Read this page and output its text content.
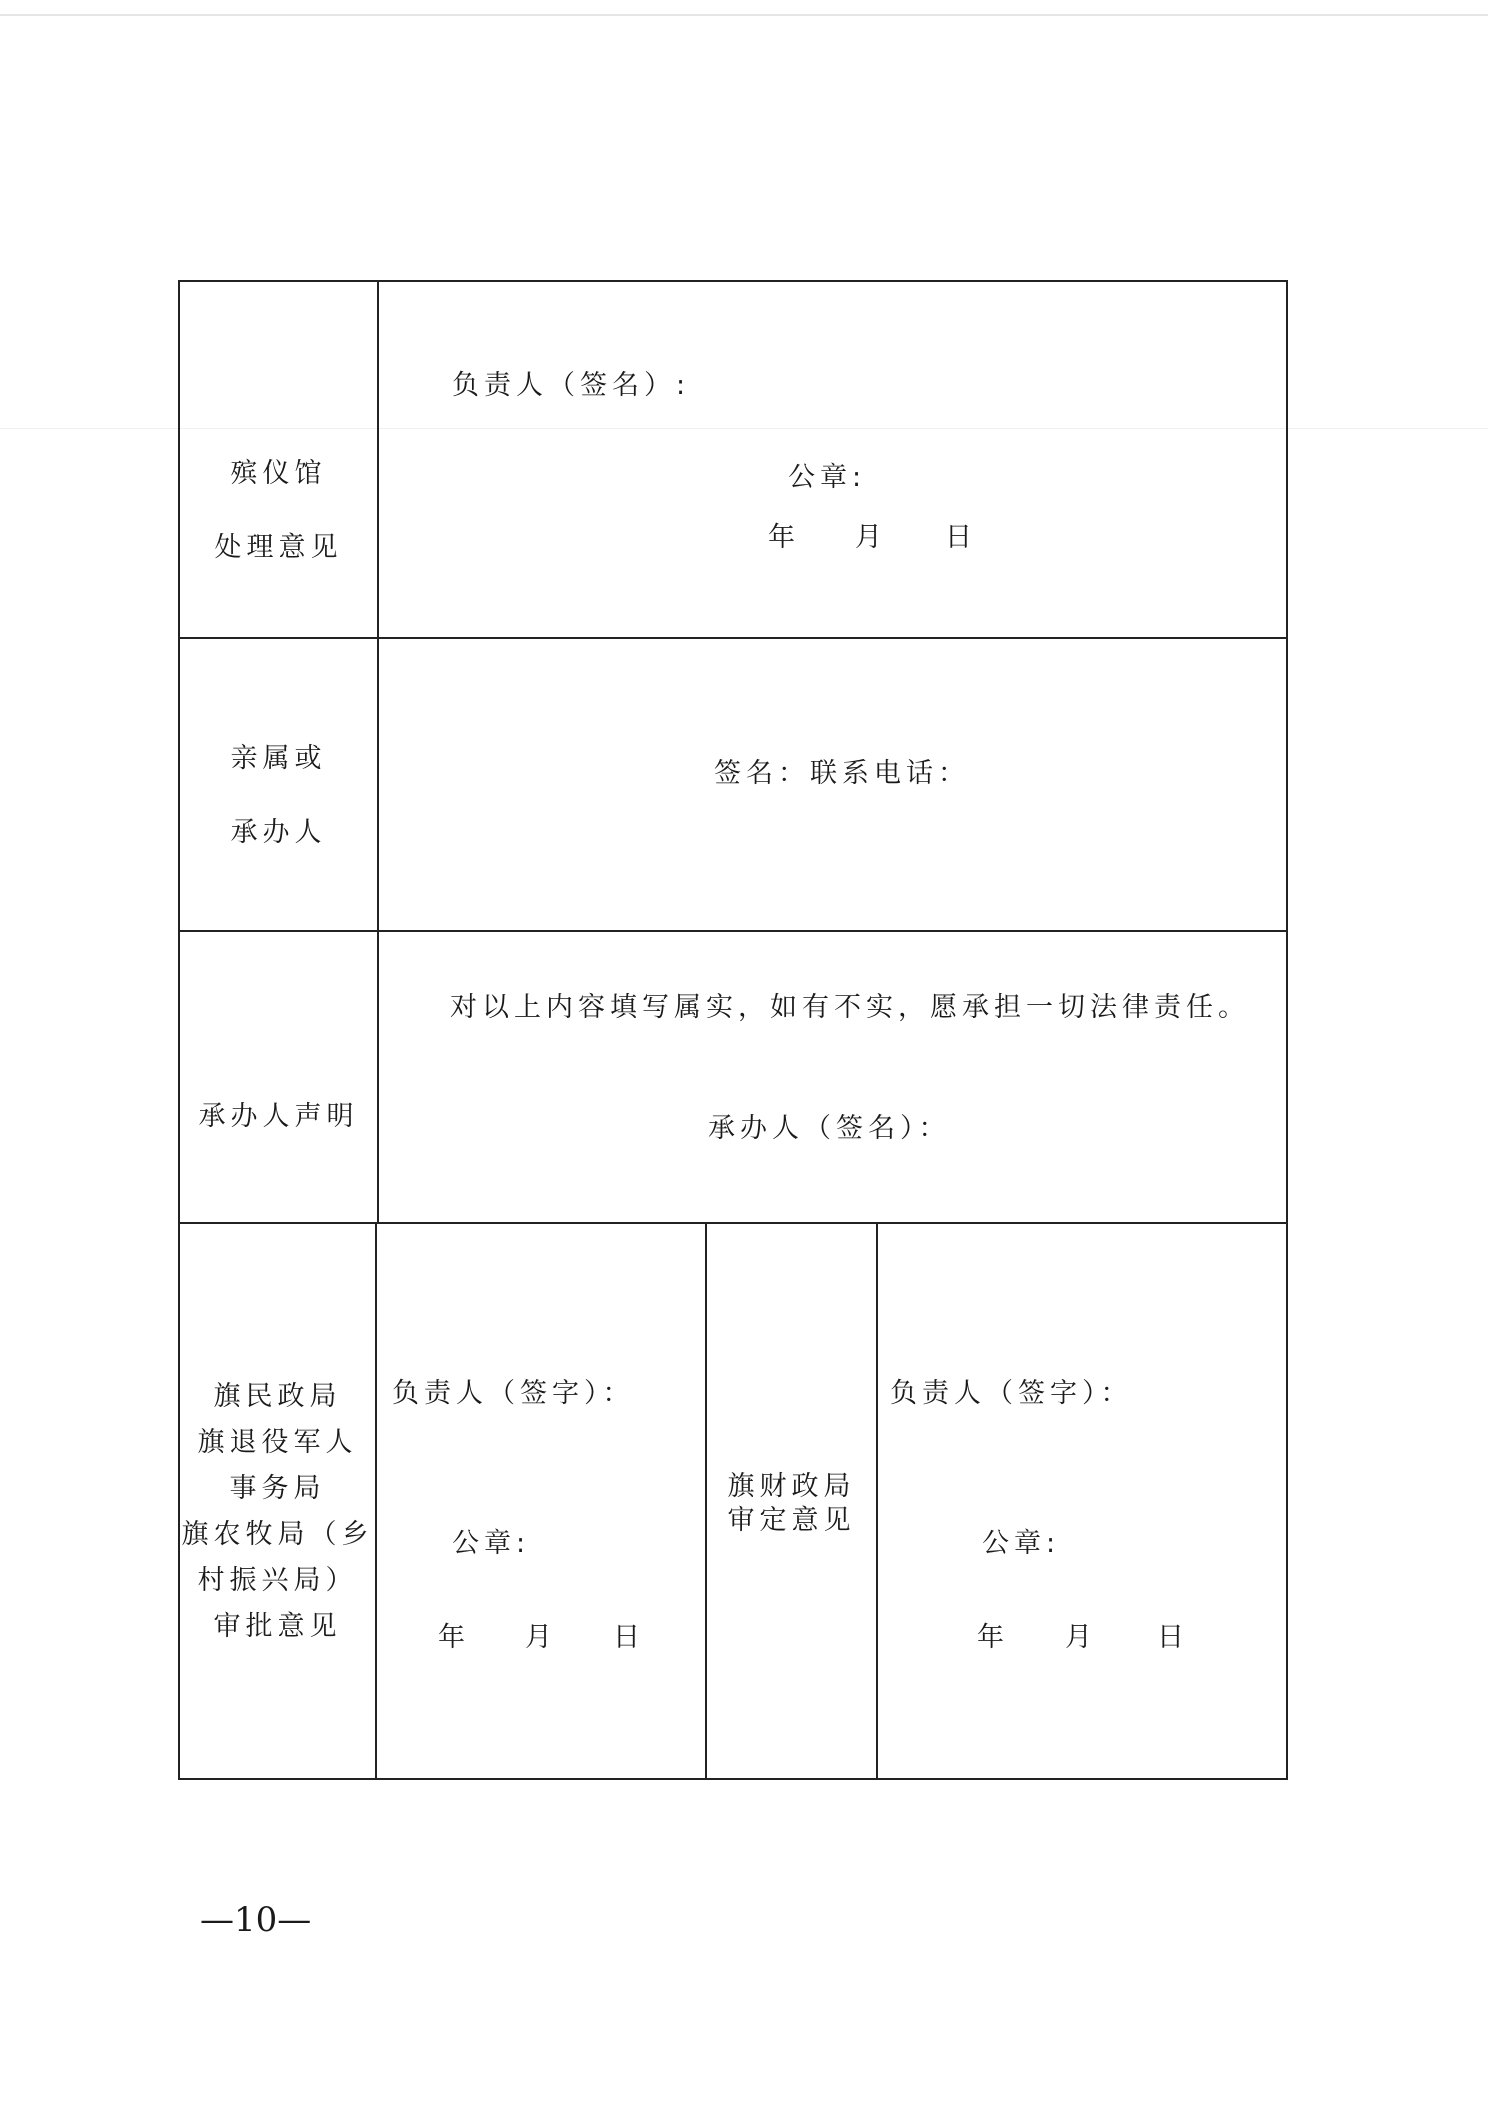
殡仪馆
处理意见
负责人（签名）:
公章:
年 月 日
亲属或
承办人
签名：联系电话：
承办人声明
对以上内容填写属实，如有不实，愿承担一切法律责任。
承办人（签名）：
旗民政局
旗退役军人
事务局
旗农牧局（乡
村振兴局）
审批意见
负责人（签字）：
公章:
年 月 日
旗财政局
审定意见
负责人（签字）：
公章:
年 月 日
—10—
